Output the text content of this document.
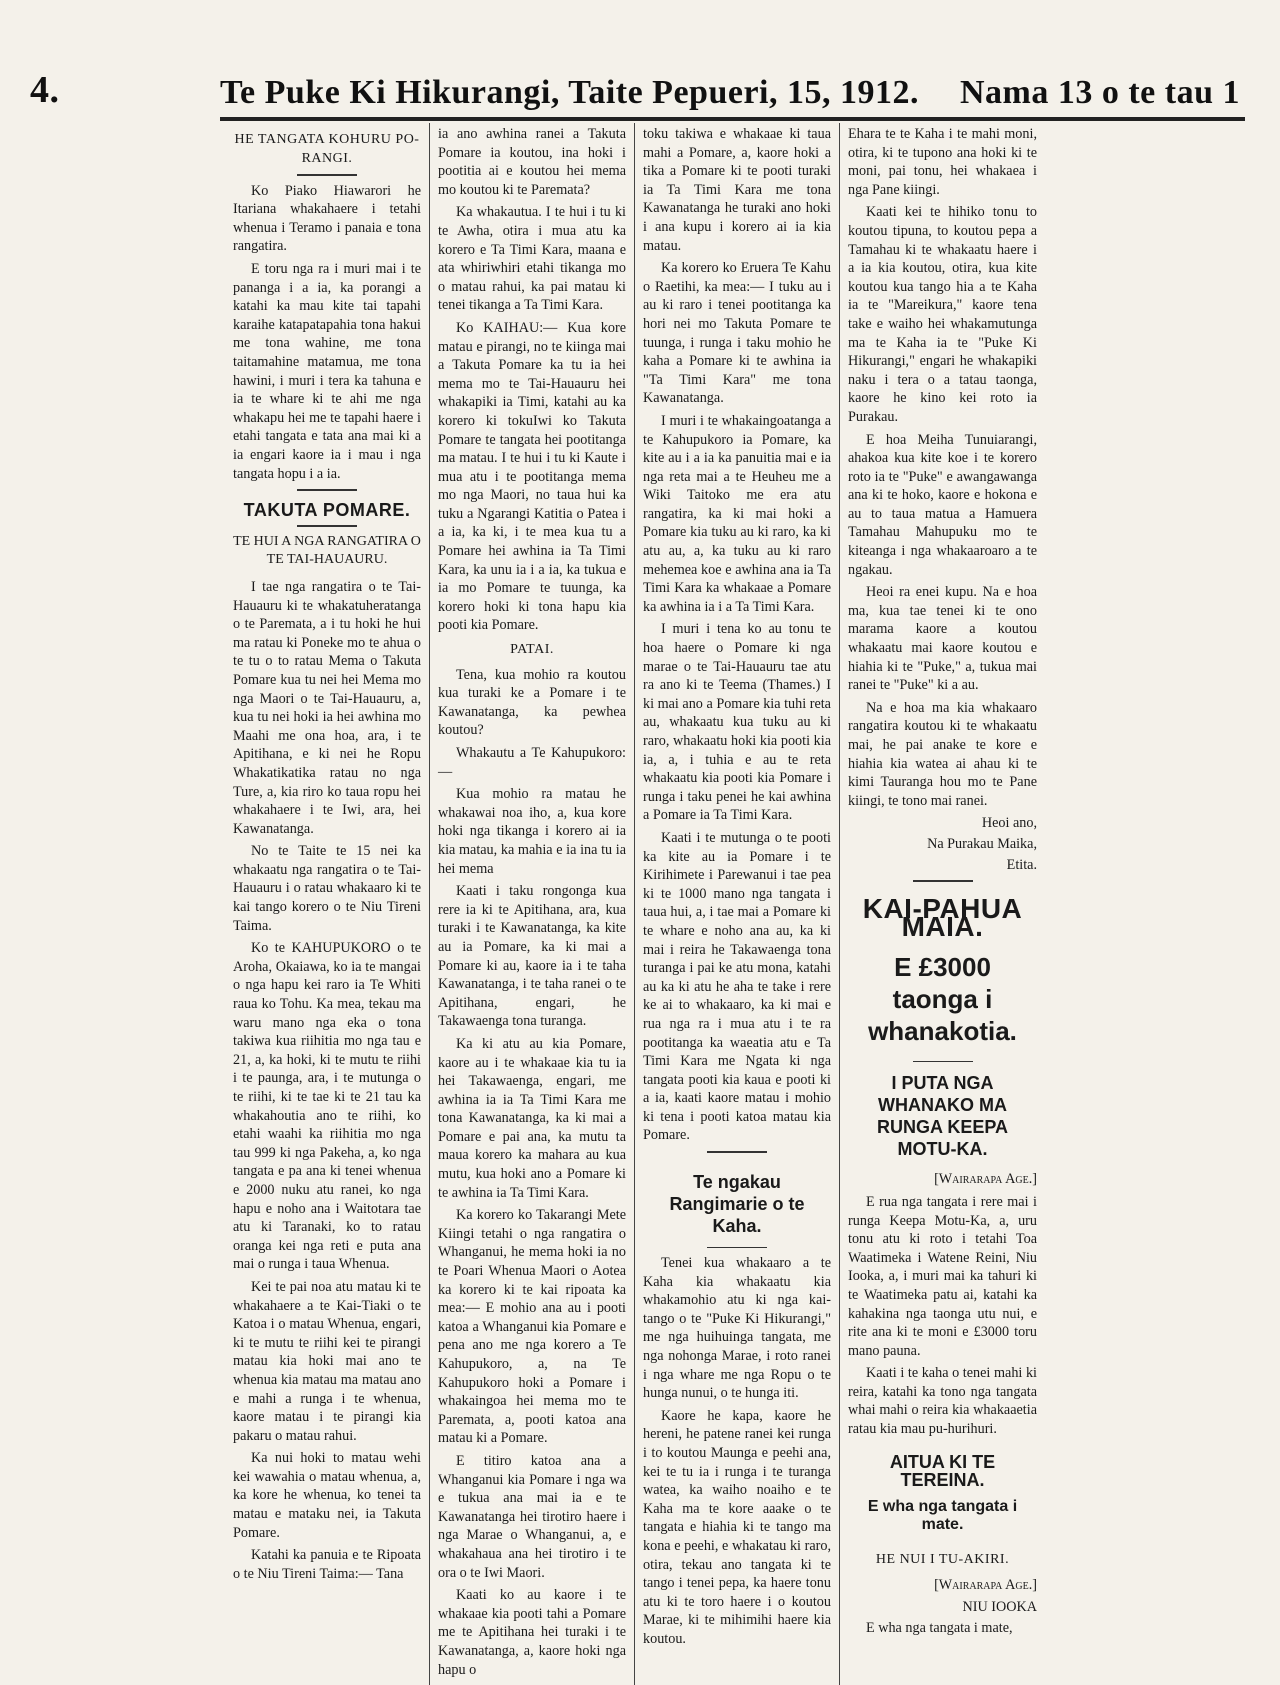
4.	Te Puke Ki Hikurangi, Taite Pepueri, 15, 1912. Nama 13 o te tau 1
HE TANGATA KOHURU PO-RANGI.

Ko Piako Hiawarori he Itariana whakahaere i tetahi whenua i Teramo i panaia e tona rangatira.

E toru nga ra i muri mai i te pananga i a ia, ka porangi a katahi ka mau kite tai tapahi karaihe katapatapahia tona hakui me tona wahine, me tona taitamahine matamua, me tona hawini, i muri i tera ka tahuna e ia te whare ki te ahi me nga whakapu hei me te tapahi haere i etahi tangata e tata ana mai ki a ia engari kaore ia i mau i nga tangata hopu i a ia.

TAKUTA POMARE.
TE HUI A NGA RANGATIRA O TE TAI-HAUAURU.

I tae nga rangatira o te Tai-Hauauru ki te whakatuheratanga o te Paremata, a i tu hoki he hui ma ratau ki Poneke mo te ahua o te tu o to ratau Mema o Takuta Pomare kua tu nei hei Mema mo nga Maori o te Tai-Hauauru, a, kua tu nei hoki ia hei awhina mo Maahi me ona hoa, ara, i te Apitihana, e ki nei he Ropu Whakatikatika ratau no nga Ture, a, kia riro ko taua ropu hei whakahaere i te Iwi, ara, hei Kawanatanga.

No te Taite te 15 nei ka whakaatu nga rangatira o te Tai-Hauauru i o ratau whakaaro ki te kai tango korero o te Niu Tireni Taima.

Ko te KAHUPUKORO o te Aroha, Okaiawa, ko ia te mangai o nga hapu kei raro ia Te Whiti raua ko Tohu. Ka mea, tekau ma waru mano nga eka o tona takiwa kua riihitia mo nga tau e 21, a, ka hoki, ki te mutu te riihi i te paunga, ara, i te mutunga o te riihi, ki te tae ki te 21 tau ka whakahoutia ano te riihi, ko etahi waahi ka riihitia mo nga tau 999 ki nga Pakeha, a, ko nga tangata e pa ana ki tenei whenua e 2000 nuku atu ranei, ko nga hapu e noho ana i Waitotara tae atu ki Taranaki, ko to ratau oranga kei nga reti e puta ana mai o runga i taua Whenua.

Kei te pai noa atu matau ki te whakahaere a te Kai-Tiaki o te Katoa i o matau Whenua, engari, ki te mutu te riihi kei te pirangi matau kia hoki mai ano te whenua kia matau ma matau ano e mahi a runga i te whenua, kaore matau i te pirangi kia pakaru o matau rahui.

Ka nui hoki to matau wehi kei wawahia o matau whenua, a, ka kore he whenua, ko tenei ta matau e mataku nei, ia Takuta Pomare.

Katahi ka panuia e te Ripoata o te Niu Tireni Taima:— Tana

ia ano awhina ranei a Takuta Pomare ia koutou, ina hoki i pootitia ai e koutou hei mema mo koutou ki te Paremata?

Ka whakautua. I te hui i tu ki te Awha, otira i mua atu ka korero e Ta Timi Kara, maana e ata whiriwhiri etahi tikanga mo o matau rahui, ka pai matau ki tenei tikanga a Ta Timi Kara.

Ko KAIHAU:— Kua kore matau e pirangi, no te kiinga mai a Takuta Pomare ka tu ia hei mema mo te Tai-Hauauru hei whakapiki ia Timi, katahi au ka korero ki tokuIwi ko Takuta Pomare te tangata hei pootitanga ma matau. I te hui i tu ki Kaute i mua atu i te pootitanga mema mo nga Maori, no taua hui ka tuku a Ngarangi Katitia o Patea i a ia, ka ki, i te mea kua tu a Pomare hei awhina ia Ta Timi Kara, ka unu ia i a ia, ka tukua e ia mo Pomare te tuunga, ka korero hoki ki tona hapu kia pooti kia Pomare.

PATAI.

Tena, kua mohio ra koutou kua turaki ke a Pomare i te Kawanatanga, ka pewhea koutou?

Whakautu a Te Kahupukoro:—

Kua mohio ra matau he whakawai noa iho, a, kua kore hoki nga tikanga i korero ai ia kia matau, ka mahia e ia ina tu ia hei mema

Kaati i taku rongonga kua rere ia ki te Apitihana, ara, kua turaki i te Kawanatanga, ka kite au ia Pomare, ka ki mai a Pomare ki au, kaore ia i te taha Kawanatanga, i te taha ranei o te Apitihana, engari, he Takawaenga tona turanga.

Ka ki atu au kia Pomare, kaore au i te whakaae kia tu ia hei Takawaenga, engari, me awhina ia ia Ta Timi Kara me tona Kawanatanga, ka ki mai a Pomare e pai ana, ka mutu ta maua korero ka mahara au kua mutu, kua hoki ano a Pomare ki te awhina ia Ta Timi Kara.

Ka korero ko Takarangi Mete Kiingi tetahi o nga rangatira o Whanganui, he mema hoki ia no te Poari Whenua Maori o Aotea ka korero ki te kai ripoata ka mea:— E mohio ana au i pooti katoa a Whanganui kia Pomare e pena ano me nga korero a Te Kahupukoro, a, na Te Kahupukoro hoki a Pomare i whakaingoa hei mema mo te Paremata, a, pooti katoa ana matau ki a Pomare.

E titiro katoa ana a Whanganui kia Pomare i nga wa e tukua ana mai ia e te Kawanatanga hei tirotiro haere i nga Marae o Whanganui, a, e whakahaua ana hei tirotiro i te ora o te Iwi Maori.

Kaati ko au kaore i te whakaae kia pooti tahi a Pomare me te Apitihana hei turaki i te Kawanatanga, a, kaore hoki nga hapu o

toku takiwa e whakaae ki taua mahi a Pomare, a, kaore hoki a tika a Pomare ki te pooti turaki ia Ta Timi Kara me tona Kawanatanga he turaki ano hoki i ana kupu i korero ai ia kia matau.

Ka korero ko Eruera Te Kahu o Raetihi, ka mea:— I tuku au i au ki raro i tenei pootitanga ka hori nei mo Takuta Pomare te tuunga, i runga i taku mohio he kaha a Pomare ki te awhina ia "Ta Timi Kara" me tona Kawanatanga.

I muri i te whakaingoatanga a te Kahupukoro ia Pomare, ka kite au i a ia ka panuitia mai e ia nga reta mai a te Heuheu me a Wiki Taitoko me era atu rangatira, ka ki mai hoki a Pomare kia tuku au ki raro, ka ki atu au, a, ka tuku au ki raro mehemea koe e awhina ana ia Ta Timi Kara ka whakaae a Pomare ka awhina ia i a Ta Timi Kara.

I muri i tena ko au tonu te hoa haere o Pomare ki nga marae o te Tai-Hauauru tae atu ra ano ki te Teema (Thames.) I ki mai ano a Pomare kia tuhi reta au, whakaatu kua tuku au ki raro, whakaatu hoki kia pooti kia ia, a, i tuhia e au te reta whakaatu kia pooti kia Pomare i runga i taku penei he kai awhina a Pomare ia Ta Timi Kara.

Kaati i te mutunga o te pooti ka kite au ia Pomare i te Kirihimete i Parewanui i tae pea ki te 1000 mano nga tangata i taua hui, a, i tae mai a Pomare ki te whare e noho ana au, ka ki mai i reira he Takawaenga tona turanga i pai ke atu mona, katahi au ka ki atu he aha te take i rere ke ai to whakaaro, ka ki mai e rua nga ra i mua atu i te ra pootitanga ka waeatia atu e Ta Timi Kara me Ngata ki nga tangata pooti kia kaua e pooti ki a ia, kaati kaore matau i mohio ki tena i pooti katoa matau kia Pomare.

Te ngakau Rangimarie o te Kaha.

Tenei kua whakaaro a te Kaha kia whakaatu kia whakamohio atu ki nga kai-tango o te "Puke Ki Hikurangi," me nga huihuinga tangata, me nga nohonga Marae, i roto ranei i nga whare me nga Ropu o te hunga nunui, o te hunga iti.

Kaore he kapa, kaore he hereni, he patene ranei kei runga i to koutou Maunga e peehi ana, kei te tu ia i runga i te turanga watea, ka waiho noaiho e te Kaha ma te kore aaake o te tangata e hiahia ki te tango ma kona e peehi, e whakatau ki raro, otira, tekau ano tangata ki te tango i tenei pepa, ka haere tonu atu ki te toro haere i o koutou Marae, ki te mihimihi haere kia koutou.

Ehara te te Kaha i te mahi moni, otira, ki te tupono ana hoki ki te moni, pai tonu, hei whakaea i nga Pane kiingi.

Kaati kei te hihiko tonu to koutou tipuna, to koutou pepa a Tamahau ki te whakaatu haere i a ia kia koutou, otira, kua kite koutou kua tango hia a te Kaha ia te "Mareikura," kaore tena take e waiho hei whakamutunga ma te Kaha ia te "Puke Ki Hikurangi," engari he whakapiki naku i tera o a tatau taonga, kaore he kino kei roto ia Purakau.

E hoa Meiha Tunuiarangi, ahakoa kua kite koe i te korero roto ia te "Puke" e awangawanga ana ki te hoko, kaore e hokona e au to taua matua a Hamuera Tamahau Mahupuku mo te kiteanga i nga whakaaroaro a te ngakau.

Heoi ra enei kupu. Na e hoa ma, kua tae tenei ki te ono marama kaore a koutou whakaatu mai kaore koutou e hiahia ki te "Puke," a, tukua mai ranei te "Puke" ki a au.

Na e hoa ma kia whakaaro rangatira koutou ki te whakaatu mai, he pai anake te kore e hiahia kia watea ai ahau ki te kimi Tauranga hou mo te Pane kiingi, te tono mai ranei.

Heoi ano,
Na Purakau Maika,
Etita.
KAI-PAHUA MAIA.
E £3000 taonga i whanakotia.
I PUTA NGA WHANAKO MA RUNGA KEEPA MOTU-KA.
[Wairarapa Age.]

E rua nga tangata i rere mai i runga Keepa Motu-Ka, a, uru tonu atu ki roto i tetahi Toa Waatimeka i Watene Reini, Niu Iooka, a, i muri mai ka tahuri ki te Waatimeka patu ai, katahi ka kahakina nga taonga utu nui, e rite ana ki te moni e £3000 toru mano pauna.

Kaati i te kaha o tenei mahi ki reira, katahi ka tono nga tangata whai mahi o reira kia whakaaetia ratau kia mau pu-hurihuri.

AITUA KI TE TEREINA.
E wha nga tangata i mate.
HE NUI I TU-AKIRI.
[Wairarapa Age.]
NIU IOOKA

E wha nga tangata i mate,
